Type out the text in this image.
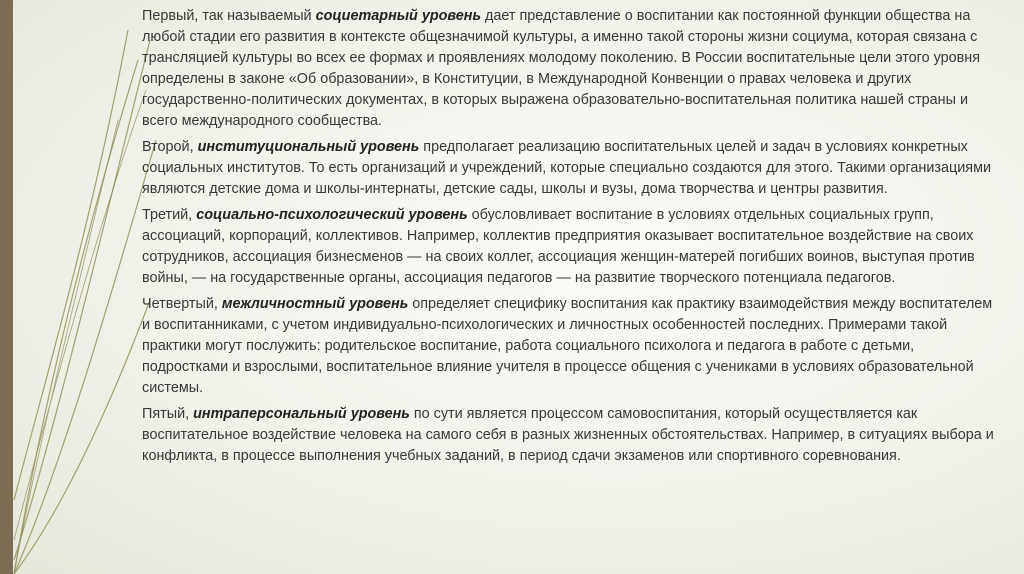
Первый, так называемый социетарный уровень дает представление о воспитании как постоянной функции общества на любой стадии его развития в контексте общезначимой культуры, а именно такой стороны жизни социума, которая связана с трансляцией культуры во всех ее формах и проявлениях молодому поколению. В России воспитательные цели этого уровня определены в законе «Об образовании», в Конституции, в Международной Конвенции о правах человека и других государственно-политических документах, в которых выражена образовательно-воспитательная политика нашей страны и всего международного сообщества.

Второй, институциональный уровень предполагает реализацию воспитательных целей и задач в условиях конкретных социальных институтов. То есть организаций и учреждений, которые специально создаются для этого. Такими организациями являются детские дома и школы-интернаты, детские сады, школы и вузы, дома творчества и центры развития.

Третий, социально-психологический уровень обусловливает воспитание в условиях отдельных социальных групп, ассоциаций, корпораций, коллективов. Например, коллектив предприятия оказывает воспитательное воздействие на своих сотрудников, ассоциация бизнесменов — на своих коллег, ассоциация женщин-матерей погибших воинов, выступая против войны, — на государственные органы, ассоциация педагогов — на развитие творческого потенциала педагогов.

Четвертый, межличностный уровень определяет специфику воспитания как практику взаимодействия между воспитателем и воспитанниками, с учетом индивидуально-психологических и личностных особенностей последних. Примерами такой практики могут послужить: родительское воспитание, работа социального психолога и педагога в работе с детьми, подростками и взрослыми, воспитательное влияние учителя в процессе общения с учениками в условиях образовательной системы.

Пятый, интраперсональный уровень по сути является процессом самовоспитания, который осуществляется как воспитательное воздействие человека на самого себя в разных жизненных обстоятельствах. Например, в ситуациях выбора и конфликта, в процессе выполнения учебных заданий, в период сдачи экзаменов или спортивного соревнования.
